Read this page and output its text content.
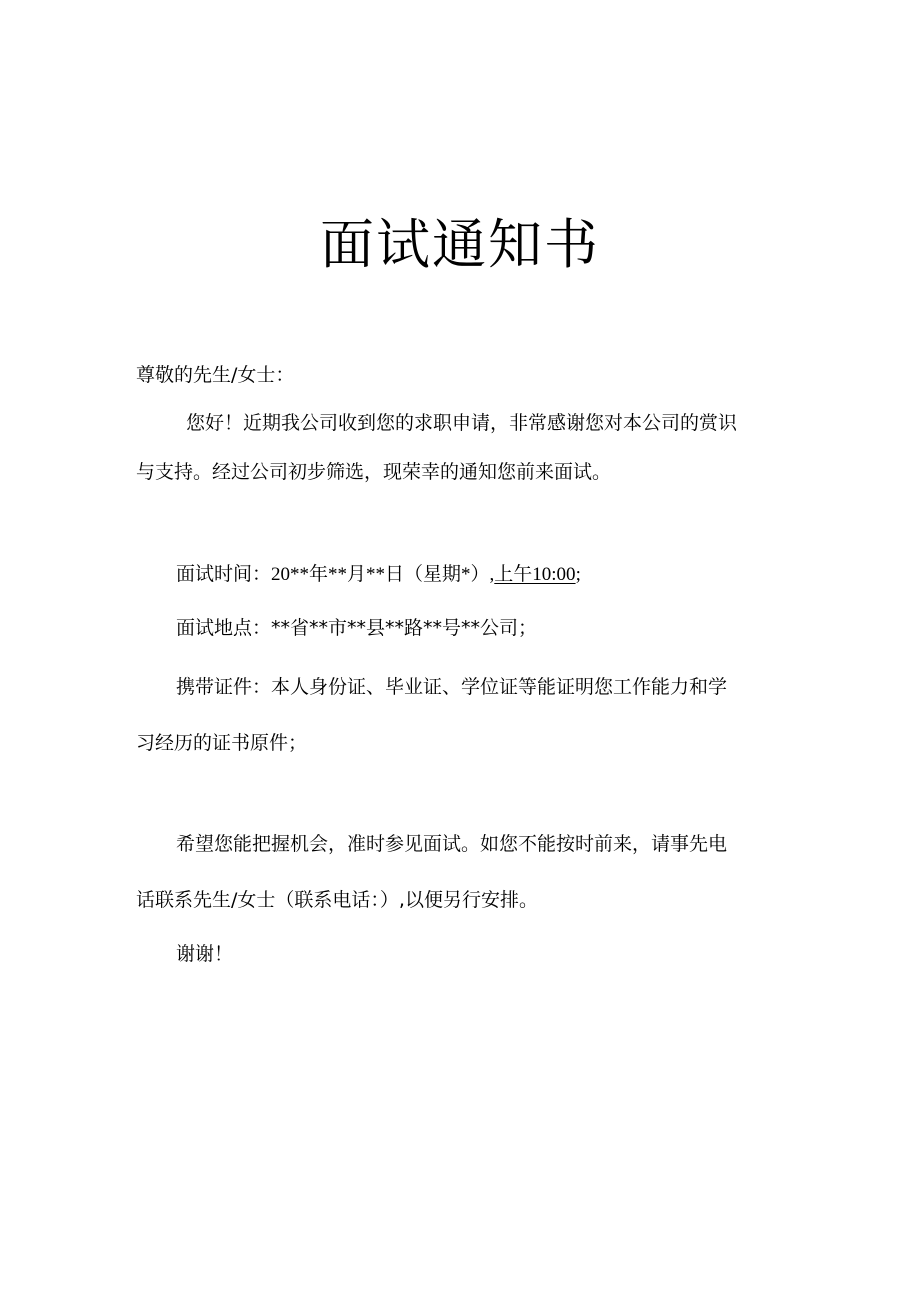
面试通知书

尊敬的先生/女士：

您好！近期我公司收到您的求职申请，非常感谢您对本公司的赏识

与支持。经过公司初步筛选，现荣幸的通知您前来面试。

面试时间：20**年**月**日（星期*）,上午10:00;

面试地点：**省**市**县**路**号**公司；

携带证件：本人身份证、毕业证、学位证等能证明您工作能力和学

习经历的证书原件；

希望您能把握机会，准时参见面试。如您不能按时前来，请事先电

话联系先生/女士（联系电话：）,以便另行安排。

谢谢！
